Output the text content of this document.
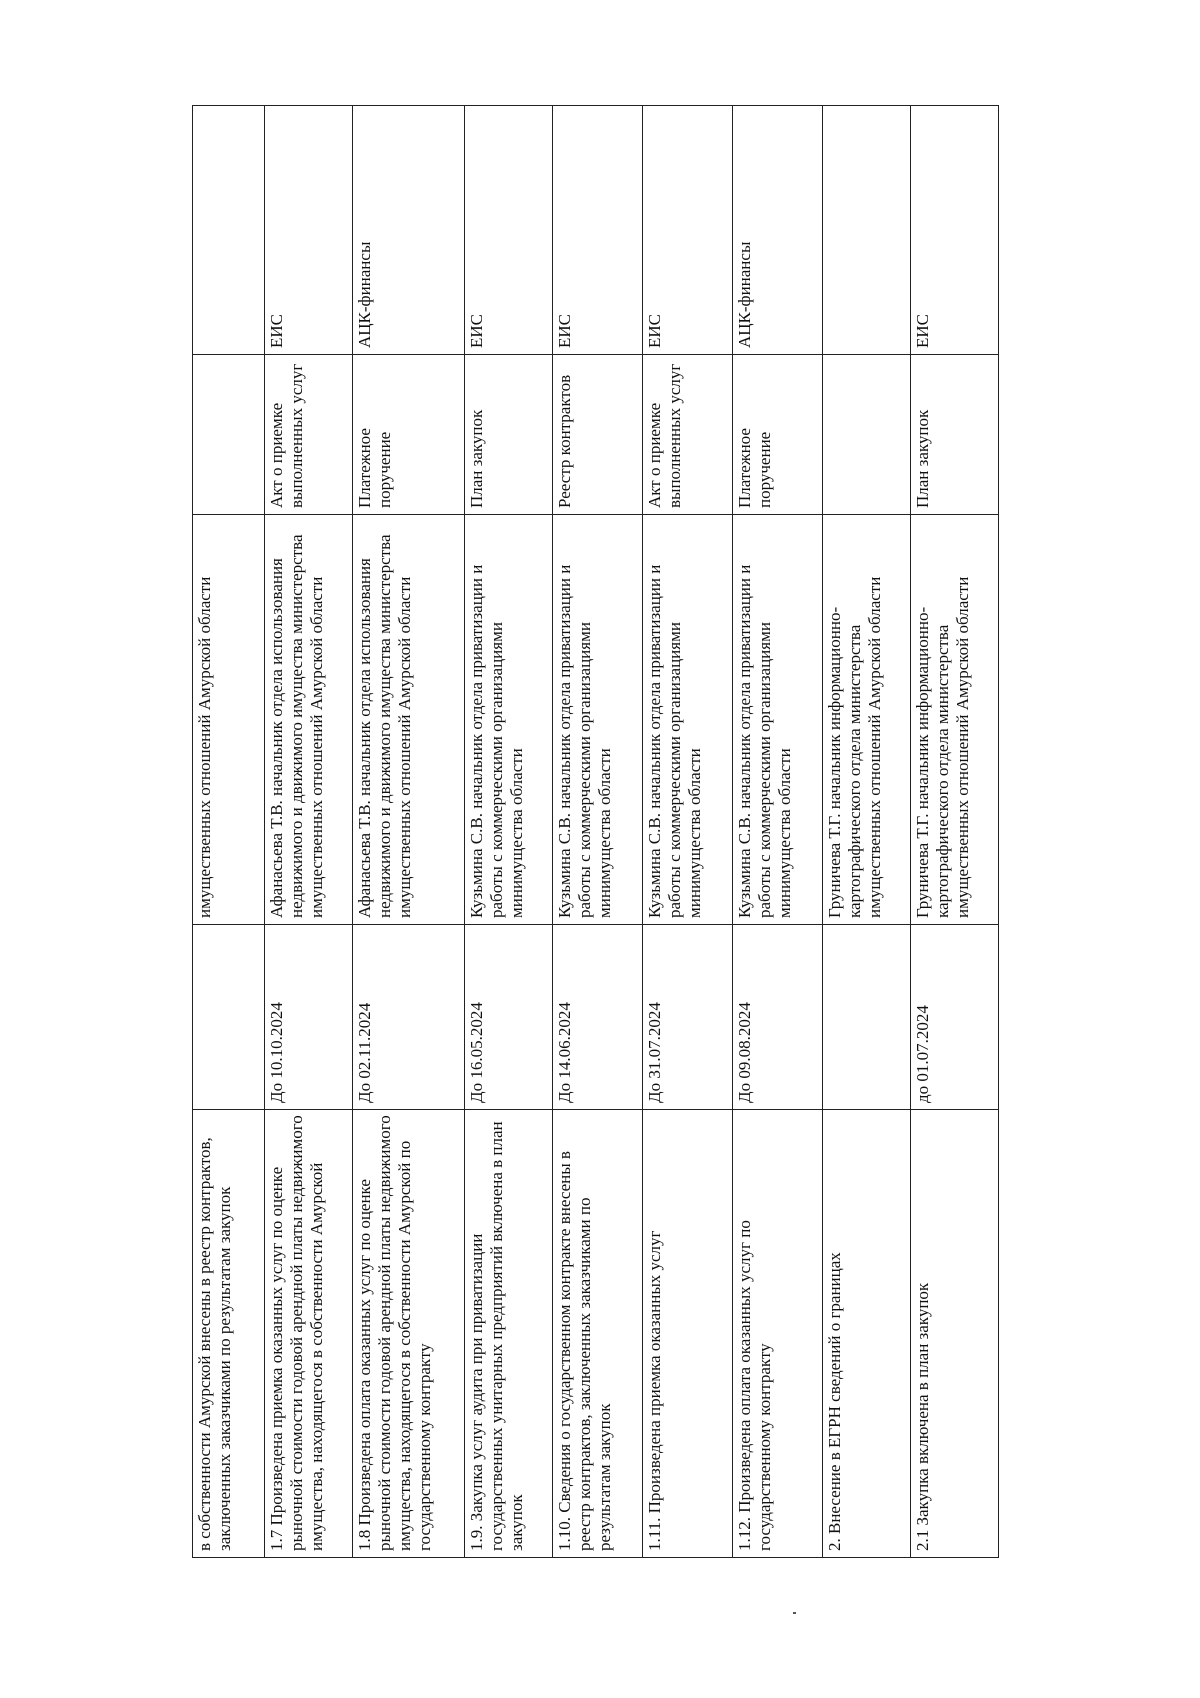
в собственности Амурской внесены в реестр контрактов, заключенных заказчиками по результатам закупок		имущественных отношений Амурской области		
1.7 Произведена приемка оказанных услуг по оценке рыночной стоимости годовой арендной платы недвижимого имущества, находящегося в собственности Амурской	До 10.10.2024	Афанасьева Т.В. начальник отдела использования недвижимого и движимого имущества министерства имущественных отношений Амурской области	Акт о приемке выполненных услуг	ЕИС
1.8 Произведена оплата оказанных услуг по оценке рыночной стоимости годовой арендной платы недвижимого имущества, находящегося в собственности Амурской по государственному контракту	До 02.11.2024	Афанасьева Т.В. начальник отдела использования недвижимого и движимого имущества министерства имущественных отношений Амурской области	Платежное поручение	АЦК-финансы
1.9. Закупка услуг аудита при приватизации государственных унитарных предприятий включена в план закупок	До 16.05.2024	Кузьмина С.В. начальник отдела приватизации и работы с коммерческими организациями минимущества области	План закупок	ЕИС
1.10. Сведения о государственном контракте внесены в реестр контрактов, заключенных заказчиками по результатам закупок	До 14.06.2024	Кузьмина С.В. начальник отдела приватизации и работы с коммерческими организациями минимущества области	Реестр контрактов	ЕИС
1.11. Произведена приемка оказанных услуг	До 31.07.2024	Кузьмина С.В. начальник отдела приватизации и работы с коммерческими организациями минимущества области	Акт о приемке выполненных услуг	ЕИС
1.12. Произведена оплата оказанных услуг по государственному контракту	До 09.08.2024	Кузьмина С.В. начальник отдела приватизации и работы с коммерческими организациями минимущества области	Платежное поручение	АЦК-финансы
2. Внесение в ЕГРН сведений о границах		Груничева Т.Г. начальник информационно-картографического отдела министерства имущественных отношений Амурской области		
2.1 Закупка включена в план закупок	до 01.07.2024	Груничева Т.Г. начальник информационно-картографического отдела министерства имущественных отношений Амурской области	План закупок	ЕИС
